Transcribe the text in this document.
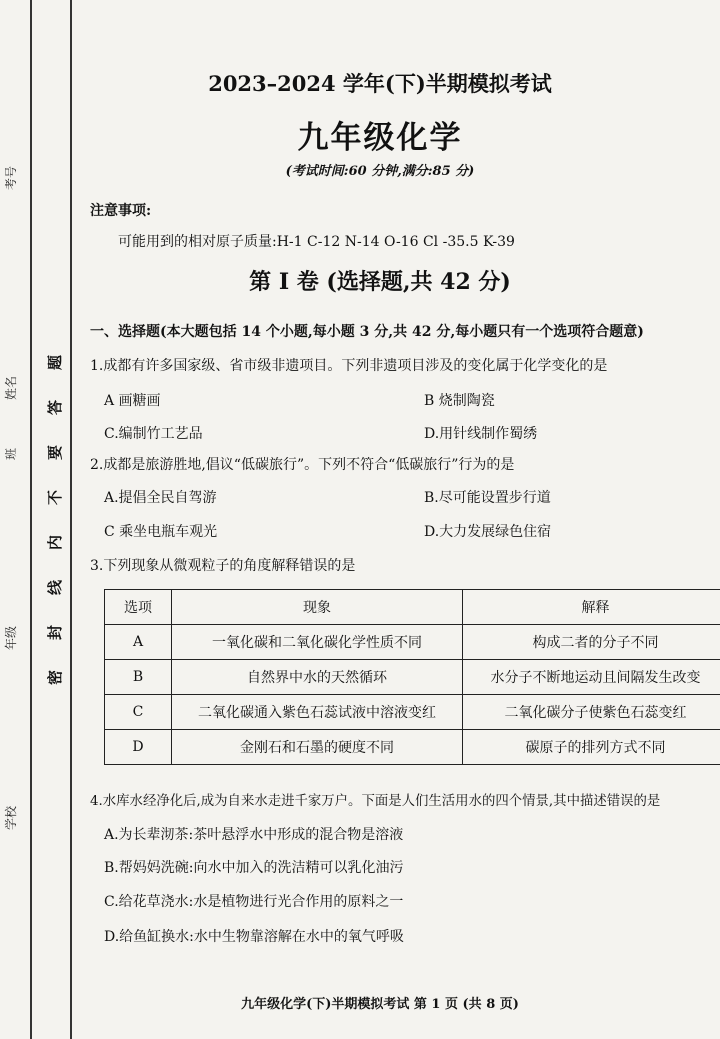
考号
姓名
班
年级
学校
题
答
要
不
内
线
封
密
2023–2024 学年(下)半期模拟考试
九年级化学
(考试时间:60 分钟,满分:85 分)
注意事项:
可能用到的相对原子质量:H-1 C-12 N-14 O-16 Cl -35.5 K-39
第 I 卷 (选择题,共 42 分)
一、选择题(本大题包括 14 个小题,每小题 3 分,共 42 分,每小题只有一个选项符合题意)
1.成都有许多国家级、省市级非遗项目。下列非遗项目涉及的变化属于化学变化的是
A 画糖画	B 烧制陶瓷
C.编制竹工艺品	D.用针线制作蜀绣
2.成都是旅游胜地,倡议“低碳旅行”。下列不符合“低碳旅行”行为的是
A.提倡全民自驾游	B.尽可能设置步行道
C 乘坐电瓶车观光	D.大力发展绿色住宿
3.下列现象从微观粒子的角度解释错误的是
选项	现象	解释
A	一氧化碳和二氧化碳化学性质不同	构成二者的分子不同
B	自然界中水的天然循环	水分子不断地运动且间隔发生改变
C	二氧化碳通入紫色石蕊试液中溶液变红	二氧化碳分子使紫色石蕊变红
D	金刚石和石墨的硬度不同	碳原子的排列方式不同
4.水库水经净化后,成为自来水走进千家万户。下面是人们生活用水的四个情景,其中描述错误的是
A.为长辈沏茶:茶叶悬浮水中形成的混合物是溶液
B.帮妈妈洗碗:向水中加入的洗洁精可以乳化油污
C.给花草浇水:水是植物进行光合作用的原料之一
D.给鱼缸换水:水中生物靠溶解在水中的氧气呼吸
九年级化学(下)半期模拟考试 第 1 页 (共 8 页)
